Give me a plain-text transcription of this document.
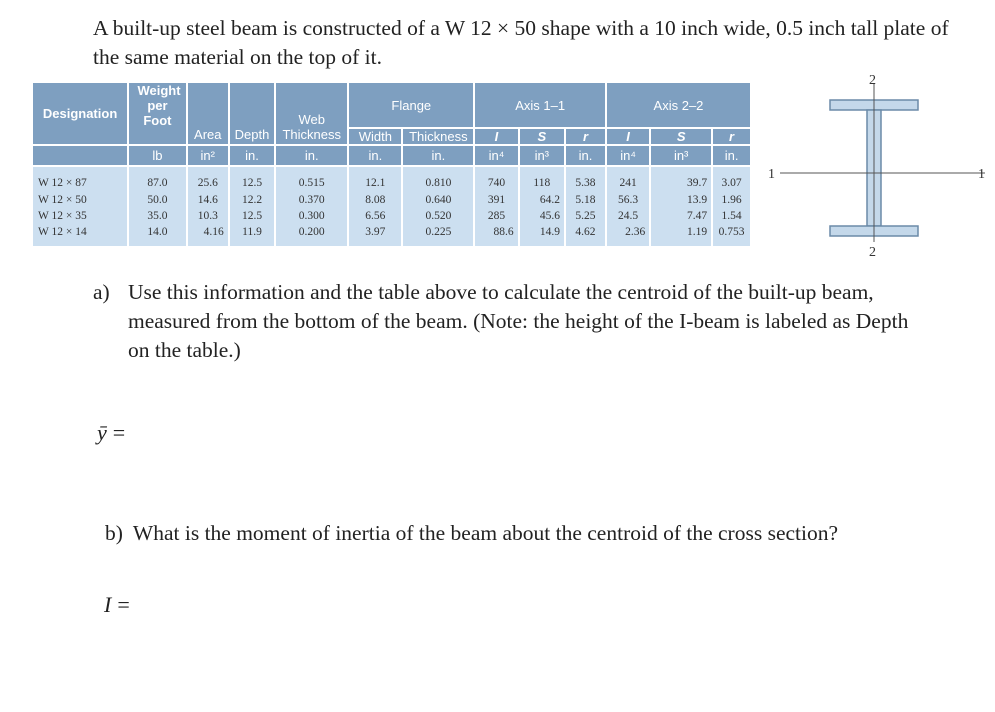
A built-up steel beam is constructed of a W 12 × 50 shape with a 10 inch wide, 0.5 inch tall plate of the same material on the top of it.
Designation	Weight per Foot	Area	Depth	Web Thickness	Flange		Axis 1–1			Axis 2–2		
					Width	Thickness	I	S	r	I	S	r
	lb	in²	in.	in.	in.	in.	in⁴	in³	in.	in⁴	in³	in.
W 12 × 87	87.0	25.6	12.5	0.515	12.1	0.810	740	118	5.38	241	39.7	3.07
W 12 × 50	50.0	14.6	12.2	0.370	8.08	0.640	391	64.2	5.18	56.3	13.9	1.96
W 12 × 35	35.0	10.3	12.5	0.300	6.56	0.520	285	45.6	5.25	24.5	7.47	1.54
W 12 × 14	14.0	4.16	11.9	0.200	3.97	0.225	88.6	14.9	4.62	2.36	1.19	0.753
2
2
1	1
a) Use this information and the table above to calculate the centroid of the built-up beam, measured from the bottom of the beam. (Note: the height of the I-beam is labeled as Depth on the table.)
ȳ =
b) What is the moment of inertia of the beam about the centroid of the cross section?
I =
